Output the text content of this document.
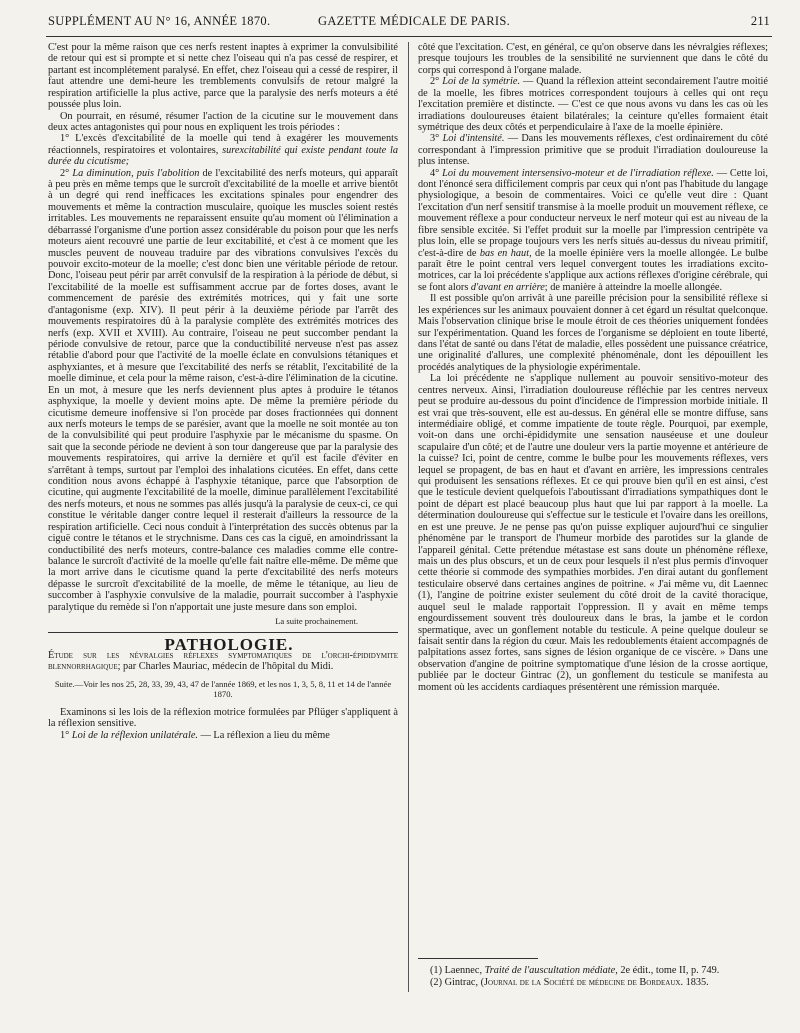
SUPPLÉMENT AU N° 16, ANNÉE 1870.	GAZETTE MÉDICALE DE PARIS.	211

C'est pour la même raison que ces nerfs restent inaptes à exprimer la convulsibilité de retour qui est si prompte et si nette chez l'oiseau qui n'a pas cessé de respirer, et partant est incomplétement paralysé. En effet, chez l'oiseau qui a cessé de respirer, il faut attendre une demi-heure les tremblements convulsifs de retour malgré la respiration artificielle la plus active, parce que la paralysie des nerfs moteurs a été poussée plus loin.

On pourrait, en résumé, résumer l'action de la cicutine sur le mouvement dans deux actes antagonistes qui pour nous en expliquent les trois périodes :

1° L'excès d'excitabilité de la moelle qui tend à exagérer les mouvements réactionnels, respiratoires et volontaires, surexcitabilité qui existe pendant toute la durée du cicutisme;

2° La diminution, puis l'abolition de l'excitabilité des nerfs moteurs, qui apparaît à peu près en même temps que le surcroît d'excitabilité de la moelle et arrive bientôt à un degré qui rend inefficaces les excitations spinales pour engendrer des mouvements et même la contraction musculaire, quoique les muscles soient restés irritables. Les mouvements ne reparaissent ensuite qu'au moment où l'élimination a débarrassé l'organisme d'une portion assez considérable du poison pour que les nerfs moteurs aient recouvré une partie de leur excitabilité, et c'est à ce moment que les muscles peuvent de nouveau traduire par des vibrations convulsives l'excès du pouvoir excito-moteur de la moelle; c'est donc bien une véritable période de retour. Donc, l'oiseau peut périr par arrêt convulsif de la respiration à la période de début, si l'excitabilité de la moelle est suffisamment accrue par de fortes doses, avant le commencement de parésie des extrémités motrices, qui y fait une sorte d'antagonisme (exp. XIV). Il peut périr à la deuxième période par l'arrêt des mouvements respiratoires dû à la paralysie complète des extrémités motrices des nerfs (exp. XVII et XVIII). Au contraire, l'oiseau ne peut succomber pendant la période convulsive de retour, parce que la conductibilité nerveuse n'est pas assez rétablie d'abord pour que l'activité de la moelle éclate en convulsions tétaniques et asphyxiantes, et à mesure que l'excitabilité des nerfs se rétablit, l'excitabilité de la moelle diminue, et cela pour la même raison, c'est-à-dire l'élimination de la cicutine. En un mot, à mesure que les nerfs deviennent plus aptes à produire le tétanos asphyxique, la moelle y devient moins apte. De même la première période du cicutisme demeure inoffensive si l'on procède par doses fractionnées qui donnent aux nerfs moteurs le temps de se parésier, avant que la moelle ne soit montée au ton de la convulsibilité qui peut produire l'asphyxie par le mécanisme du spasme. On sait que la seconde période ne devient à son tour dangereuse que par la paralysie des mouvements respiratoires, qui arrive la dernière et qu'il est facile d'éviter en s'arrêtant à temps, surtout par l'emploi des inhalations cicutées. En effet, dans cette condition nous avons échappé à l'asphyxie tétanique, parce que l'absorption de cicutine, qui augmente l'excitabilité de la moelle, diminue parallèlement l'excitabilité des nerfs moteurs, et nous ne sommes pas allés jusqu'à la paralysie de ceux-ci, ce qui constitue le véritable danger contre lequel il resterait d'ailleurs la ressource de la respiration artificielle. Ceci nous conduit à l'interprétation des succès obtenus par la ciguë contre le tétanos et le strychnisme. Dans ces cas la ciguë, en amoindrissant la conductibilité des nerfs moteurs, contre-balance ces maladies comme elle contre-balance le surcroît d'activité de la moelle qu'elle fait naître elle-même. De même que la mort arrive dans le cicutisme quand la perte d'excitabilité des nerfs moteurs dépasse le surcroît d'excitabilité de la moelle, de même le tétanique, au lieu de succomber à l'asphyxie convulsive de la maladie, pourrait succomber à l'asphyxie paralytique du remède si l'on n'apportait une juste mesure dans son emploi.

La suite prochainement.

PATHOLOGIE.

Étude sur les névralgies réflexes symptomatiques de l'orchi-épididymite blennorrhagique; par Charles Mauriac, médecin de l'hôpital du Midi.

Suite.—Voir les nos 25, 28, 33, 39, 43, 47 de l'année 1869, et les nos 1, 3, 5, 8, 11 et 14 de l'année 1870.

Examinons si les lois de la réflexion motrice formulées par Pflüger s'appliquent à la réflexion sensitive.

1° Loi de la réflexion unilatérale. — La réflexion a lieu du même

côté que l'excitation. C'est, en général, ce qu'on observe dans les névralgies réflexes; presque toujours les troubles de la sensibilité ne surviennent que dans le côté du corps qui correspond à l'organe malade.

2° Loi de la symétrie. — Quand la réflexion atteint secondairement l'autre moitié de la moelle, les fibres motrices correspondent toujours à celles qui ont reçu l'excitation première et distincte. — C'est ce que nous avons vu dans les cas où les irradiations douloureuses étaient bilatérales; la ceinture qu'elles formaient était symétrique des deux côtés et perpendiculaire à l'axe de la moelle épinière.

3° Loi d'intensité. — Dans les mouvements réflexes, c'est ordinairement du côté correspondant à l'impression primitive que se produit l'irradiation douloureuse la plus intense.

4° Loi du mouvement intersensivo-moteur et de l'irradiation réflexe. — Cette loi, dont l'énoncé sera difficilement compris par ceux qui n'ont pas l'habitude du langage physiologique, a besoin de commentaires. Voici ce qu'elle veut dire : Quant l'excitation d'un nerf sensitif transmise à la moelle produit un mouvement réflexe, ce mouvement réflexe a pour conducteur nerveux le nerf moteur qui est au niveau de la fibre sensible excitée. Si l'effet produit sur la moelle par l'impression centripète va plus loin, elle se propage toujours vers les nerfs situés au-dessus du niveau primitif, c'est-à-dire de bas en haut, de la moelle épinière vers la moelle allongée. Le bulbe paraît être le point central vers lequel convergent toutes les irradiations excito-motrices, car la loi précédente s'applique aux actions réflexes d'origine cérébrale, qui se font alors d'avant en arrière; de manière à atteindre la moelle allongée.

Il est possible qu'on arrivât à une pareille précision pour la sensibilité réflexe si les expériences sur les animaux pouvaient donner à cet égard un résultat quelconque. Mais l'observation clinique brise le moule étroit de ces théories uniquement fondées sur l'expérimentation. Quand les forces de l'organisme se déploient en toute liberté, dans l'état de santé ou dans l'état de maladie, elles possèdent une puissance créatrice, une originalité d'allures, une complexité phénoménale, dont les dépouillent les procédés analytiques de la physiologie expérimentale.

La loi précédente ne s'applique nullement au pouvoir sensitivo-moteur des centres nerveux. Ainsi, l'irradiation douloureuse réfléchie par les centres nerveux peut se produire au-dessous du point d'incidence de l'impression morbide initiale. Il est vrai que très-souvent, elle est au-dessus. En général elle se montre diffuse, sans intermédiaire obligé, et comme impatiente de toute règle. Pourquoi, par exemple, voit-on dans une orchi-épididymite une sensation nauséeuse et une douleur scapulaire d'un côté; et de l'autre une douleur vers la partie moyenne et antérieure de la cuisse? Ici, point de centre, comme le bulbe pour les mouvements réflexes, vers lequel se propagent, de bas en haut et d'avant en arrière, les impressions centrales qui produisent les sensations réflexes. Et ce qui prouve bien qu'il en est ainsi, c'est que le testicule devient quelquefois l'aboutissant d'irradiations sympathiques dont le point de départ est placé beaucoup plus haut que lui par rapport à la moelle. La détermination douloureuse qui s'effectue sur le testicule et l'ovaire dans les oreillons, en est une preuve. Je ne pense pas qu'on puisse expliquer aujourd'hui ce singulier phénomène par le transport de l'humeur morbide des parotides sur la glande de l'appareil génital. Cette prétendue métastase est sans doute un phénomène réflexe, mais un des plus obscurs, et un de ceux pour lesquels il n'est plus permis d'invoquer cette théorie si commode des sympathies morbides. J'en dirai autant du gonflement testiculaire observé dans certaines angines de poitrine. « J'ai même vu, dit Laennec (1), l'angine de poitrine exister seulement du côté droit de la cavité thoracique, auquel seul le malade rapportait l'oppression. Il y avait en même temps engourdissement souvent très douloureux dans le bras, la jambe et le cordon spermatique, avec un gonflement notable du testicule. A peine quelque douleur se faisait sentir dans la région du cœur. Mais les redoublements étaient accompagnés de palpitations assez fortes, sans signes de lésion organique de ce viscère. » Dans une observation d'angine de poitrine symptomatique d'une lésion de la crosse aortique, publiée par le docteur Gintrac (2), un gonflement du testicule se manifesta au moment où les accidents cardiaques présentèrent une rémission marquée.

(1) Laennec, Traité de l'auscultation médiate, 2e édit., tome II, p. 749.

(2) Gintrac, (Journal de la Société de médecine de Bordeaux. 1835.
